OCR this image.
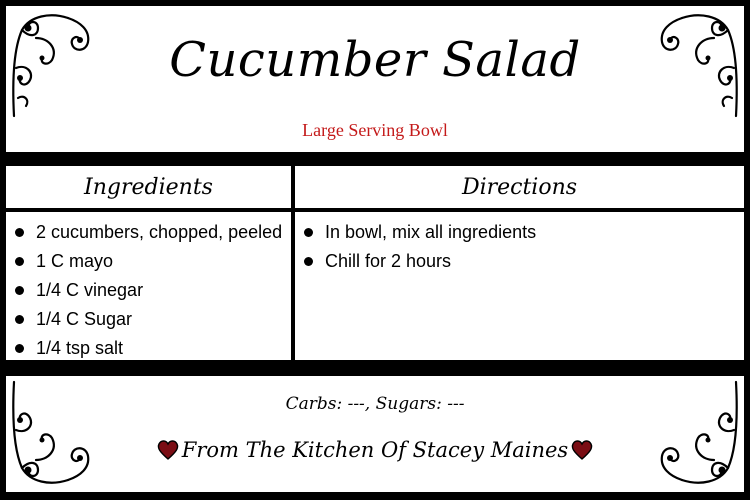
Cucumber Salad
Large Serving Bowl
Ingredients	Directions
2 cucumbers, chopped, peeled
1 C mayo
1/4 C vinegar
1/4 C Sugar
1/4 tsp salt
In bowl, mix all ingredients
Chill for 2 hours
Carbs: ---, Sugars: ---
From The Kitchen Of Stacey Maines
